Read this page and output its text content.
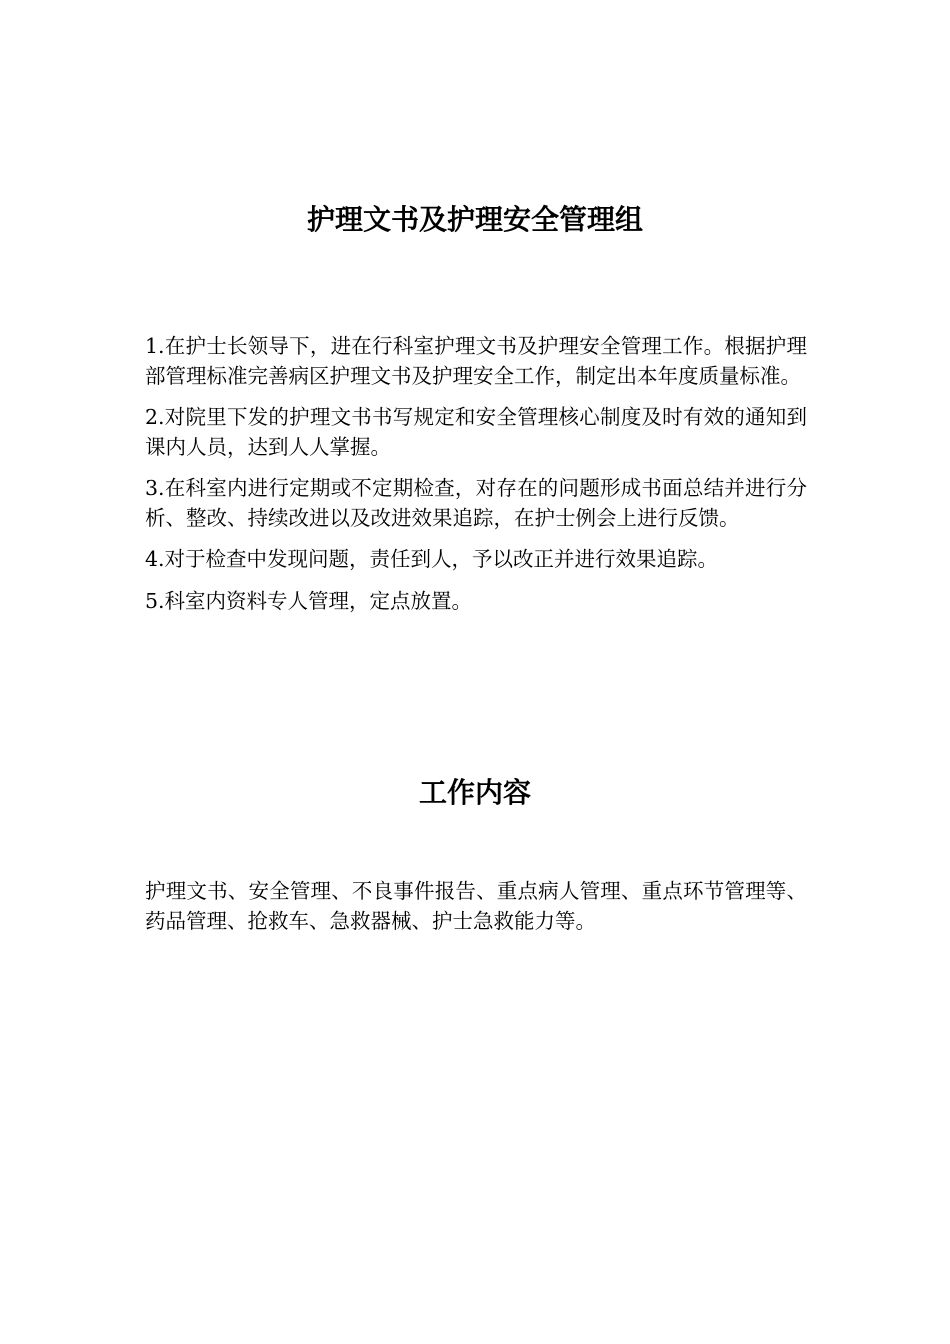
护理文书及护理安全管理组

1.在护士长领导下，进在行科室护理文书及护理安全管理工作。根据护理部管理标准完善病区护理文书及护理安全工作，制定出本年度质量标准。

2.对院里下发的护理文书书写规定和安全管理核心制度及时有效的通知到课内人员，达到人人掌握。

3.在科室内进行定期或不定期检查，对存在的问题形成书面总结并进行分析、整改、持续改进以及改进效果追踪，在护士例会上进行反馈。

4.对于检查中发现问题，责任到人，予以改正并进行效果追踪。

5.科室内资料专人管理，定点放置。

工作内容

护理文书、安全管理、不良事件报告、重点病人管理、重点环节管理等、药品管理、抢救车、急救器械、护士急救能力等。
